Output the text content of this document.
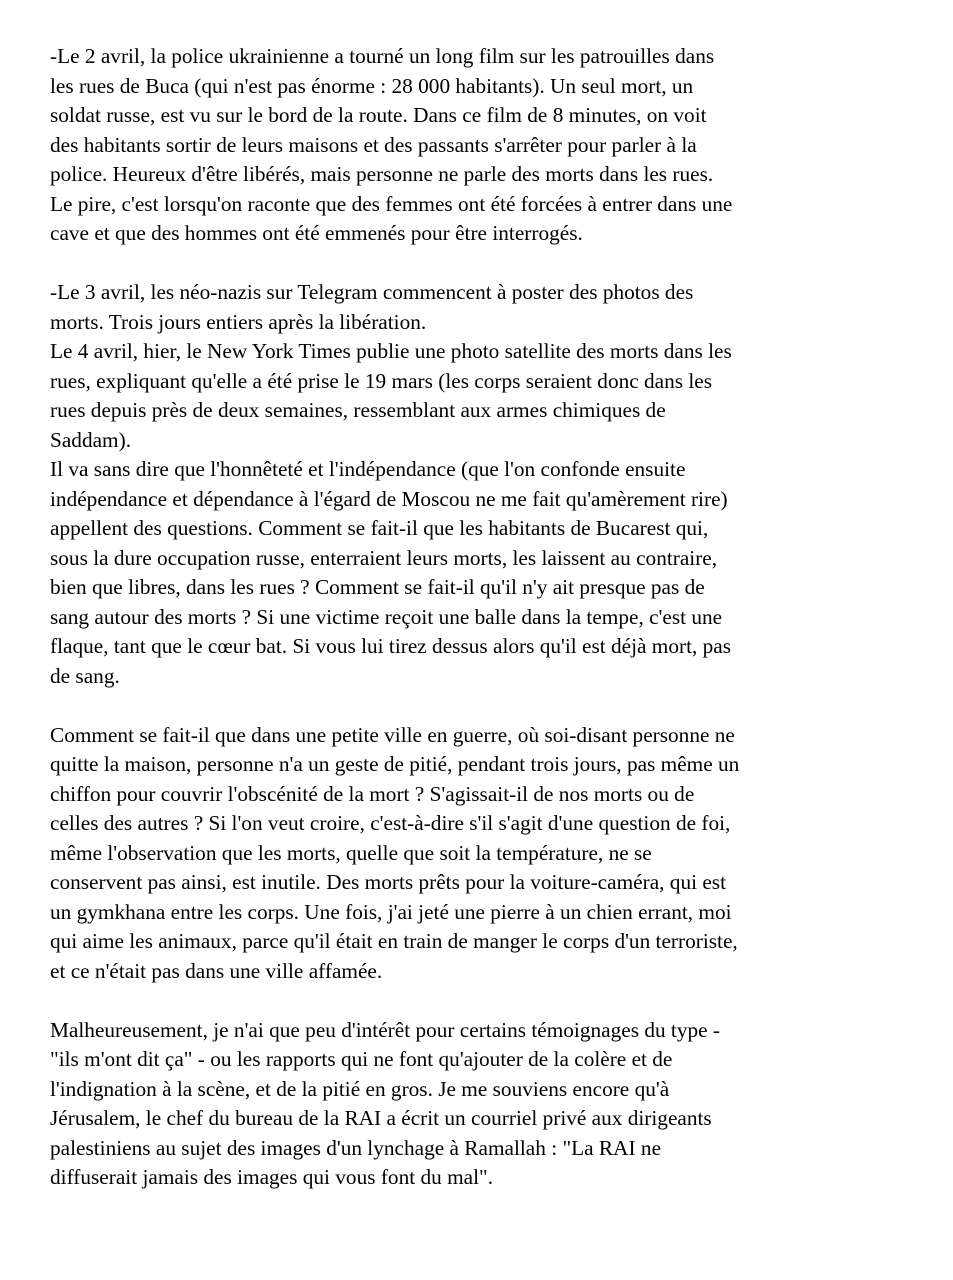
-Le 2 avril, la police ukrainienne a tourné un long film sur les patrouilles dans
les rues de Buca (qui n'est pas énorme : 28 000 habitants). Un seul mort, un
soldat russe, est vu sur le bord de la route. Dans ce film de 8 minutes, on voit
des habitants sortir de leurs maisons et des passants s'arrêter pour parler à la
police. Heureux d'être libérés, mais personne ne parle des morts dans les rues.
Le pire, c'est lorsqu'on raconte que des femmes ont été forcées à entrer dans une
cave et que des hommes ont été emmenés pour être interrogés.
-Le 3 avril, les néo-nazis sur Telegram commencent à poster des photos des
morts. Trois jours entiers après la libération.
Le 4 avril, hier, le New York Times publie une photo satellite des morts dans les
rues, expliquant qu'elle a été prise le 19 mars (les corps seraient donc dans les
rues depuis près de deux semaines, ressemblant aux armes chimiques de
Saddam).
Il va sans dire que l'honnêteté et l'indépendance (que l'on confonde ensuite
indépendance et dépendance à l'égard de Moscou ne me fait qu'amèrement rire)
appellent des questions. Comment se fait-il que les habitants de Bucarest qui,
sous la dure occupation russe, enterraient leurs morts, les laissent au contraire,
bien que libres, dans les rues ? Comment se fait-il qu'il n'y ait presque pas de
sang autour des morts ? Si une victime reçoit une balle dans la tempe, c'est une
flaque, tant que le cœur bat. Si vous lui tirez dessus alors qu'il est déjà mort, pas
de sang.
Comment se fait-il que dans une petite ville en guerre, où soi-disant personne ne
quitte la maison, personne n'a un geste de pitié, pendant trois jours, pas même un
chiffon pour couvrir l'obscénité de la mort ? S'agissait-il de nos morts ou de
celles des autres ? Si l'on veut croire, c'est-à-dire s'il s'agit d'une question de foi,
même l'observation que les morts, quelle que soit la température, ne se
conservent pas ainsi, est inutile. Des morts prêts pour la voiture-caméra, qui est
un gymkhana entre les corps. Une fois, j'ai jeté une pierre à un chien errant, moi
qui aime les animaux, parce qu'il était en train de manger le corps d'un terroriste,
et ce n'était pas dans une ville affamée.
Malheureusement, je n'ai que peu d'intérêt pour certains témoignages du type -
"ils m'ont dit ça" - ou les rapports qui ne font qu'ajouter de la colère et de
l'indignation à la scène, et de la pitié en gros. Je me souviens encore qu'à
Jérusalem, le chef du bureau de la RAI a écrit un courriel privé aux dirigeants
palestiniens au sujet des images d'un lynchage à Ramallah : "La RAI ne
diffuserait jamais des images qui vous font du mal".
